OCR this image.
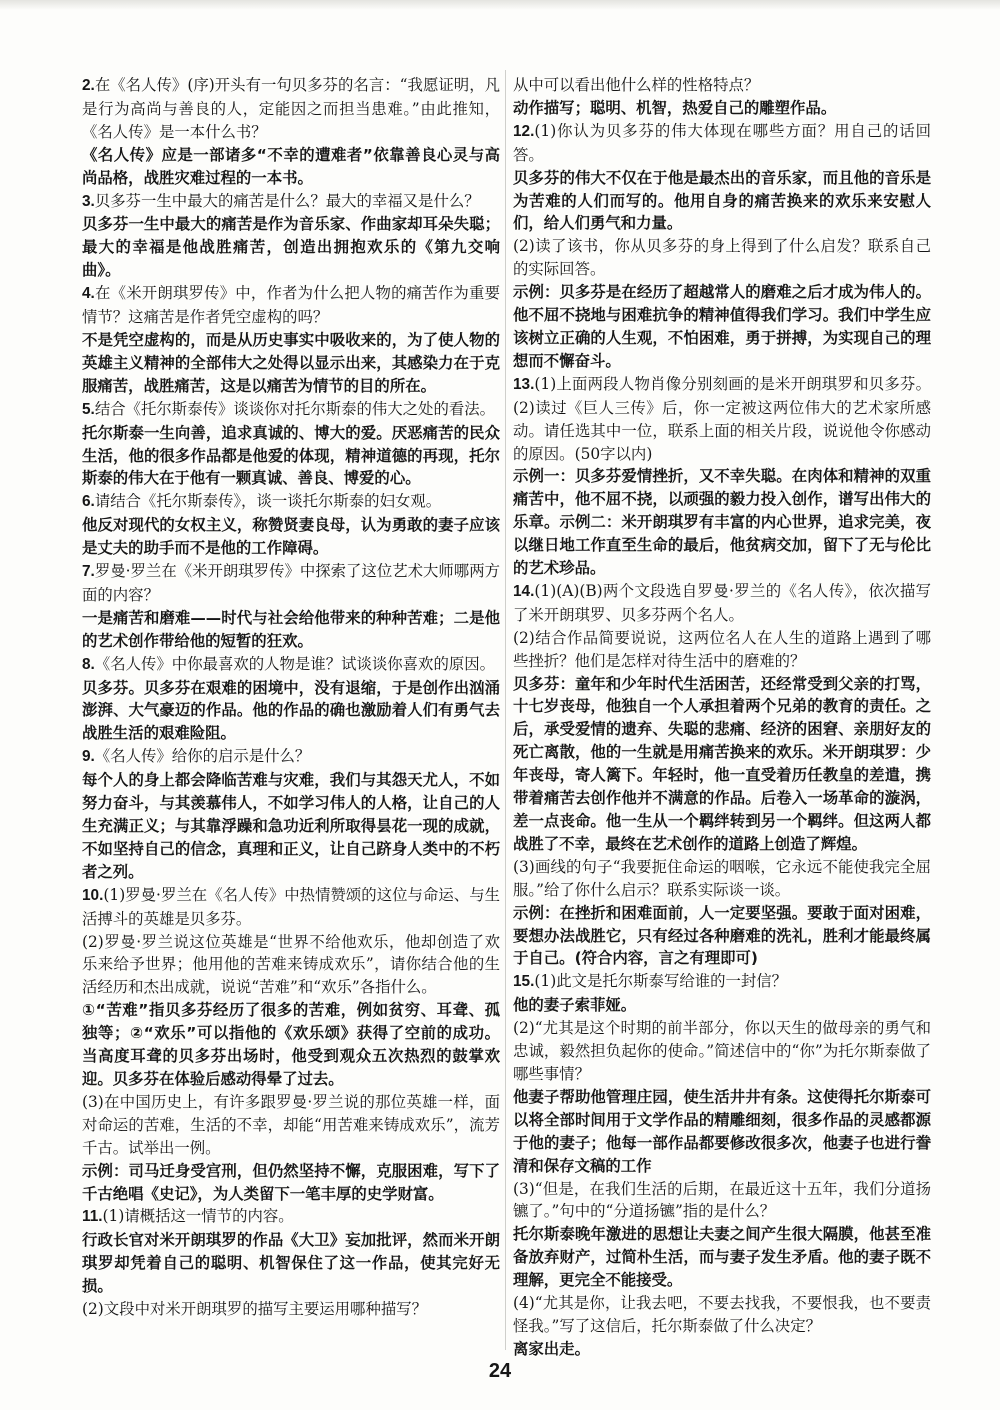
2.在《名人传》(序)开头有一句贝多芬的名言：“我愿证明，凡是行为高尚与善良的人，定能因之而担当患难。”由此推知，《名人传》是一本什么书？

《名人传》应是一部诸多“不幸的遭难者”依靠善良心灵与高尚品格，战胜灾难过程的一本书。

3.贝多芬一生中最大的痛苦是什么？最大的幸福又是什么？

贝多芬一生中最大的痛苦是作为音乐家、作曲家却耳朵失聪；最大的幸福是他战胜痛苦，创造出拥抱欢乐的《第九交响曲》。

4.在《米开朗琪罗传》中，作者为什么把人物的痛苦作为重要情节？这痛苦是作者凭空虚构的吗？

不是凭空虚构的，而是从历史事实中吸收来的，为了使人物的英雄主义精神的全部伟大之处得以显示出来，其感染力在于克服痛苦，战胜痛苦，这是以痛苦为情节的目的所在。

5.结合《托尔斯泰传》谈谈你对托尔斯泰的伟大之处的看法。

托尔斯泰一生向善，追求真诚的、博大的爱。厌恶痛苦的民众生活，他的很多作品都是他爱的体现，精神道德的再现，托尔斯泰的伟大在于他有一颗真诚、善良、博爱的心。

6.请结合《托尔斯泰传》，谈一谈托尔斯泰的妇女观。

他反对现代的女权主义，称赞贤妻良母，认为勇敢的妻子应该是丈夫的助手而不是他的工作障碍。

7.罗曼·罗兰在《米开朗琪罗传》中探索了这位艺术大师哪两方面的内容？

一是痛苦和磨难——时代与社会给他带来的种种苦难；二是他的艺术创作带给他的短暂的狂欢。

8.《名人传》中你最喜欢的人物是谁？试谈谈你喜欢的原因。

贝多芬。贝多芬在艰难的困境中，没有退缩，于是创作出汹涌澎湃、大气豪迈的作品。他的作品的确也激励着人们有勇气去战胜生活的艰难险阻。

9.《名人传》给你的启示是什么？

每个人的身上都会降临苦难与灾难，我们与其怨天尤人，不如努力奋斗，与其羡慕伟人，不如学习伟人的人格，让自己的人生充满正义；与其靠浮躁和急功近利所取得昙花一现的成就，不如坚持自己的信念，真理和正义，让自己跻身人类中的不朽者之列。

10.(1)罗曼·罗兰在《名人传》中热情赞颂的这位与命运、与生活搏斗的英雄是贝多芬。

(2)罗曼·罗兰说这位英雄是“世界不给他欢乐，他却创造了欢乐来给予世界；他用他的苦难来铸成欢乐”，请你结合他的生活经历和杰出成就，说说“苦难”和“欢乐”各指什么。

①“苦难”指贝多芬经历了很多的苦难，例如贫穷、耳聋、孤独等；②“欢乐”可以指他的《欢乐颂》获得了空前的成功。当高度耳聋的贝多芬出场时，他受到观众五次热烈的鼓掌欢迎。贝多芬在体验后感动得晕了过去。

(3)在中国历史上，有许多跟罗曼·罗兰说的那位英雄一样，面对命运的苦难，生活的不幸，却能“用苦难来铸成欢乐”，流芳千古。试举出一例。

示例：司马迁身受宫刑，但仍然坚持不懈，克服困难，写下了千古绝唱《史记》，为人类留下一笔丰厚的史学财富。

11.(1)请概括这一情节的内容。

行政长官对米开朗琪罗的作品《大卫》妄加批评，然而米开朗琪罗却凭着自己的聪明、机智保住了这一作品，使其完好无损。

(2)文段中对米开朗琪罗的描写主要运用哪种描写？

从中可以看出他什么样的性格特点？

动作描写；聪明、机智，热爱自己的雕塑作品。

12.(1)你认为贝多芬的伟大体现在哪些方面？用自己的话回答。

贝多芬的伟大不仅在于他是最杰出的音乐家，而且他的音乐是为苦难的人们而写的。他用自身的痛苦换来的欢乐来安慰人们，给人们勇气和力量。

(2)读了该书，你从贝多芬的身上得到了什么启发？联系自己的实际回答。

示例：贝多芬是在经历了超越常人的磨难之后才成为伟人的。他不屈不挠地与困难抗争的精神值得我们学习。我们中学生应该树立正确的人生观，不怕困难，勇于拼搏，为实现自己的理想而不懈奋斗。

13.(1)上面两段人物肖像分别刻画的是米开朗琪罗和贝多芬。(2)读过《巨人三传》后，你一定被这两位伟大的艺术家所感动。请任选其中一位，联系上面的相关片段，说说他令你感动的原因。(50字以内)

示例一：贝多芬爱情挫折，又不幸失聪。在肉体和精神的双重痛苦中，他不屈不挠，以顽强的毅力投入创作，谱写出伟大的乐章。示例二：米开朗琪罗有丰富的内心世界，追求完美，夜以继日地工作直至生命的最后，他贫病交加，留下了无与伦比的艺术珍品。

14.(1)(A)(B)两个文段选自罗曼·罗兰的《名人传》，依次描写了米开朗琪罗、贝多芬两个名人。

(2)结合作品简要说说，这两位名人在人生的道路上遇到了哪些挫折？他们是怎样对待生活中的磨难的？

贝多芬：童年和少年时代生活困苦，还经常受到父亲的打骂，十七岁丧母，他独自一个人承担着两个兄弟的教育的责任。之后，承受爱情的遗弃、失聪的悲痛、经济的困窘、亲朋好友的死亡离散，他的一生就是用痛苦换来的欢乐。米开朗琪罗：少年丧母，寄人篱下。年轻时，他一直受着历任教皇的差遣，携带着痛苦去创作他并不满意的作品。后卷入一场革命的漩涡，差一点丧命。他一生从一个羁绊转到另一个羁绊。但这两人都战胜了不幸，最终在艺术创作的道路上创造了辉煌。

(3)画线的句子“我要扼住命运的咽喉，它永远不能使我完全屈服。”给了你什么启示？联系实际谈一谈。

示例：在挫折和困难面前，人一定要坚强。要敢于面对困难，要想办法战胜它，只有经过各种磨难的洗礼，胜利才能最终属于自己。(符合内容，言之有理即可)

15.(1)此文是托尔斯泰写给谁的一封信？

他的妻子索菲娅。

(2)“尤其是这个时期的前半部分，你以天生的做母亲的勇气和忠诚，毅然担负起你的使命。”简述信中的“你”为托尔斯泰做了哪些事情？

他妻子帮助他管理庄园，使生活井井有条。这使得托尔斯泰可以将全部时间用于文学作品的精雕细刻，很多作品的灵感都源于他的妻子；他每一部作品都要修改很多次，他妻子也进行誊清和保存文稿的工作

(3)“但是，在我们生活的后期，在最近这十五年，我们分道扬镳了。”句中的“分道扬镳”指的是什么？

托尔斯泰晚年激进的思想让夫妻之间产生很大隔膜，他甚至准备放弃财产，过简朴生活，而与妻子发生矛盾。他的妻子既不理解，更完全不能接受。

(4)“尤其是你，让我去吧，不要去找我，不要恨我，也不要责怪我。”写了这信后，托尔斯泰做了什么决定？

离家出走。

24
